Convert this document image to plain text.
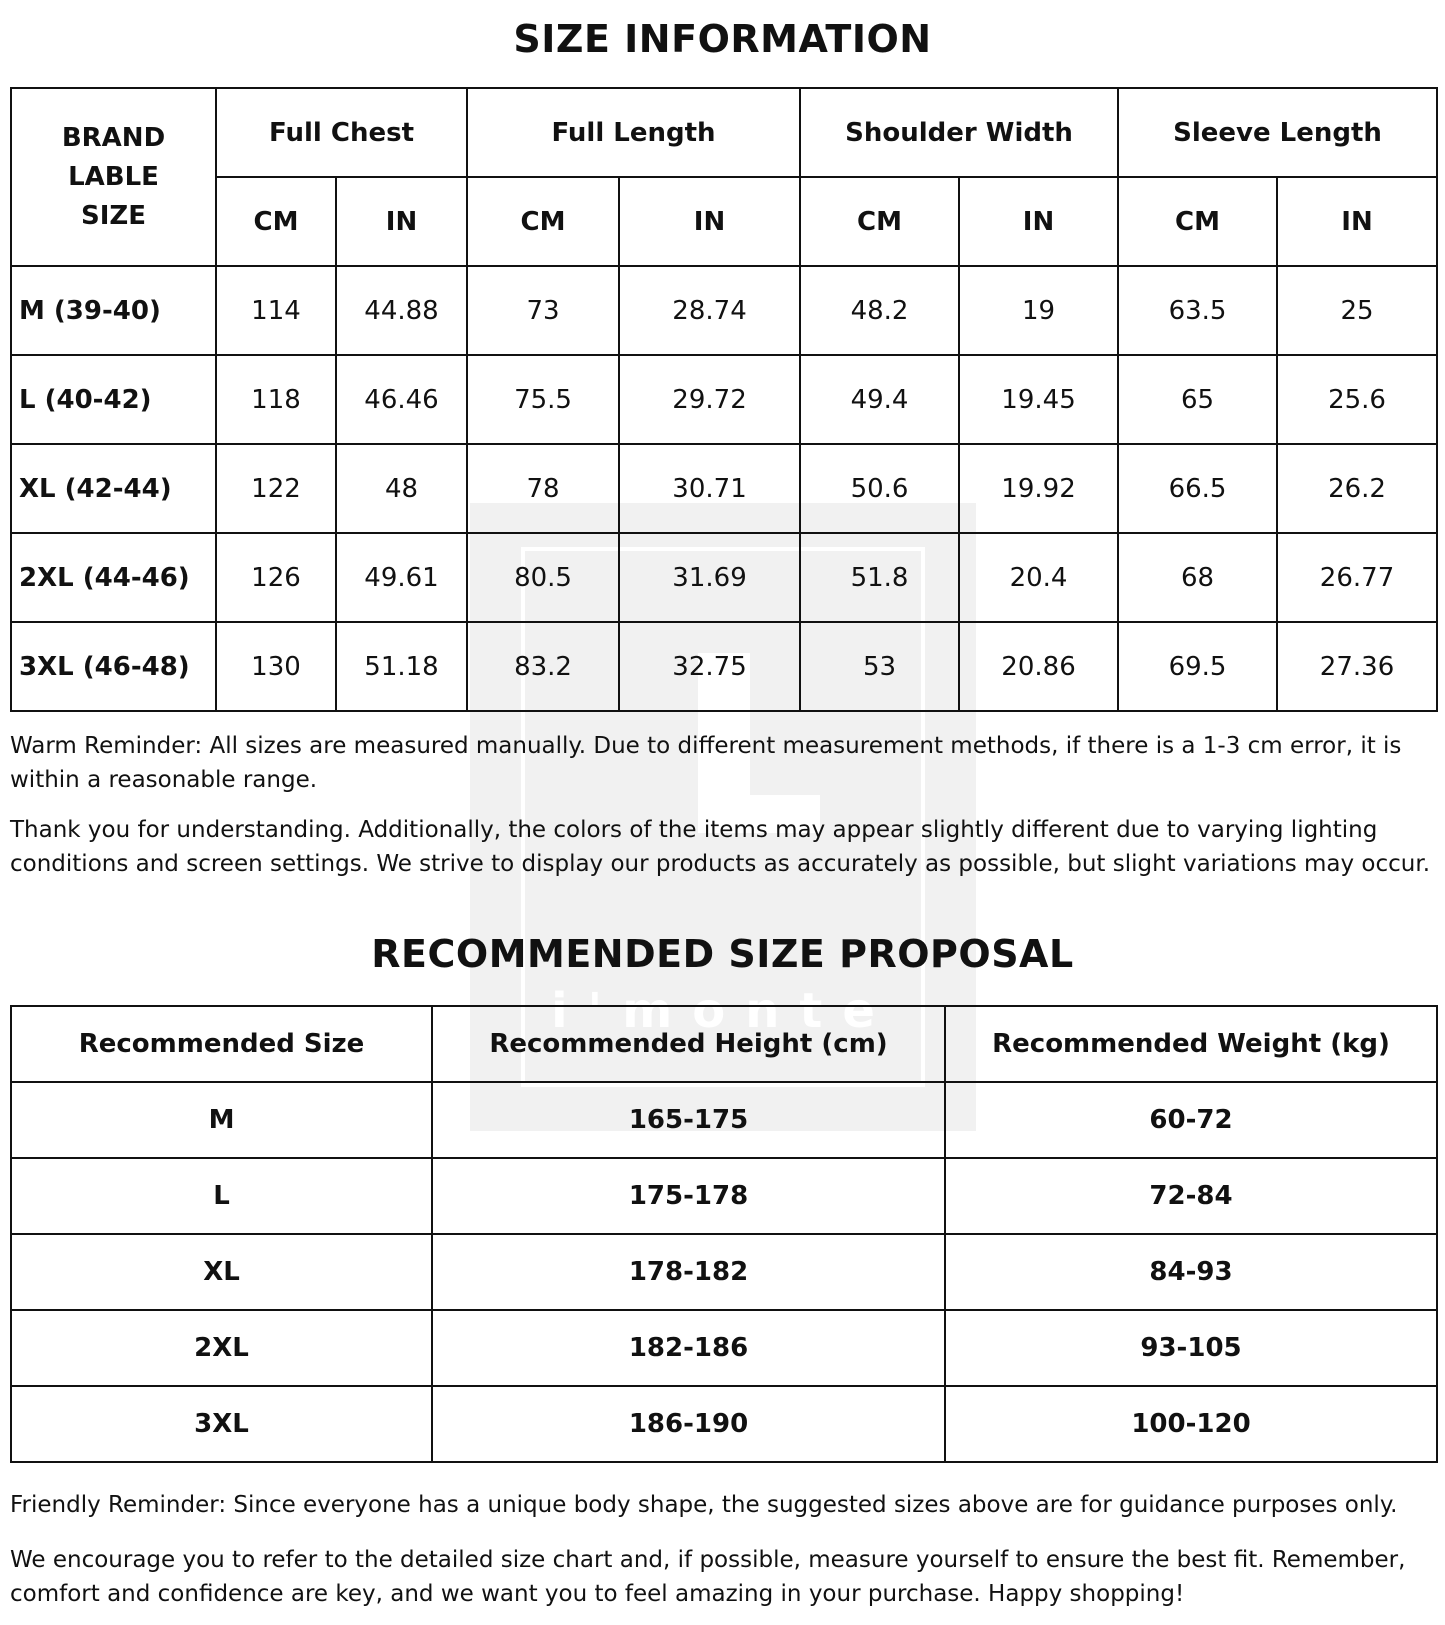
i'monte
SIZE INFORMATION
BRAND
LABLE
SIZE	Full Chest		Full Length		Shoulder Width		Sleeve Length	
	CM	IN	CM	IN	CM	IN	CM	IN
M (39-40)	114	44.88	73	28.74	48.2	19	63.5	25
L (40-42)	118	46.46	75.5	29.72	49.4	19.45	65	25.6
XL (42-44)	122	48	78	30.71	50.6	19.92	66.5	26.2
2XL (44-46)	126	49.61	80.5	31.69	51.8	20.4	68	26.77
3XL (46-48)	130	51.18	83.2	32.75	53	20.86	69.5	27.36

Warm Reminder: All sizes are measured manually. Due to different measurement methods, if there is a 1-3 cm error, it is within a reasonable range.

Thank you for understanding. Additionally, the colors of the items may appear slightly different due to varying lighting conditions and screen settings. We strive to display our products as accurately as possible, but slight variations may occur.

RECOMMENDED SIZE PROPOSAL
Recommended Size	Recommended Height (cm)	Recommended Weight (kg)
M	165-175	60-72
L	175-178	72-84
XL	178-182	84-93
2XL	182-186	93-105
3XL	186-190	100-120

Friendly Reminder: Since everyone has a unique body shape, the suggested sizes above are for guidance purposes only.

We encourage you to refer to the detailed size chart and, if possible, measure yourself to ensure the best fit. Remember, comfort and confidence are key, and we want you to feel amazing in your purchase. Happy shopping!
